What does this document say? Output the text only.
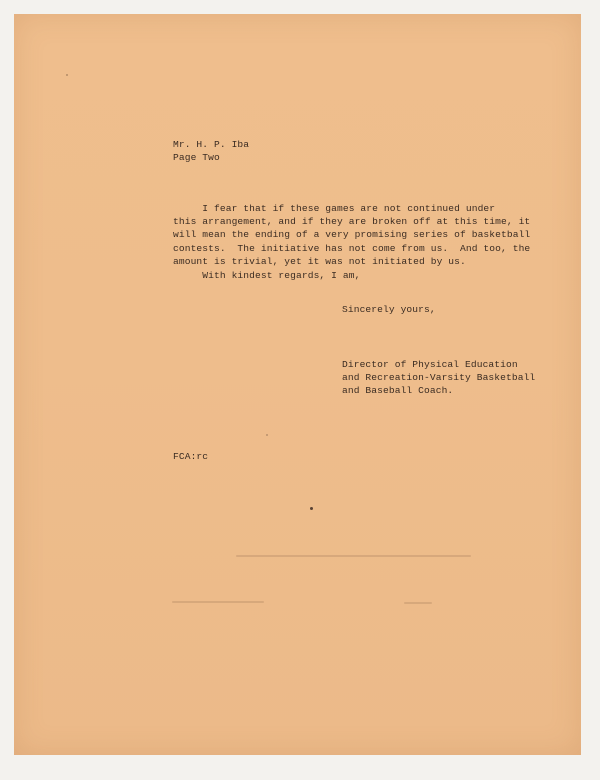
Mr. H. P. Iba
Page Two
I fear that if these games are not continued under
this arrangement, and if they are broken off at this time, it
will mean the ending of a very promising series of basketball
contests.  The initiative has not come from us.  And too, the
amount is trivial, yet it was not initiated by us.
With kindest regards, I am,
Sincerely yours,
Director of Physical Education
and Recreation-Varsity Basketball
and Baseball Coach.
FCA:rc
